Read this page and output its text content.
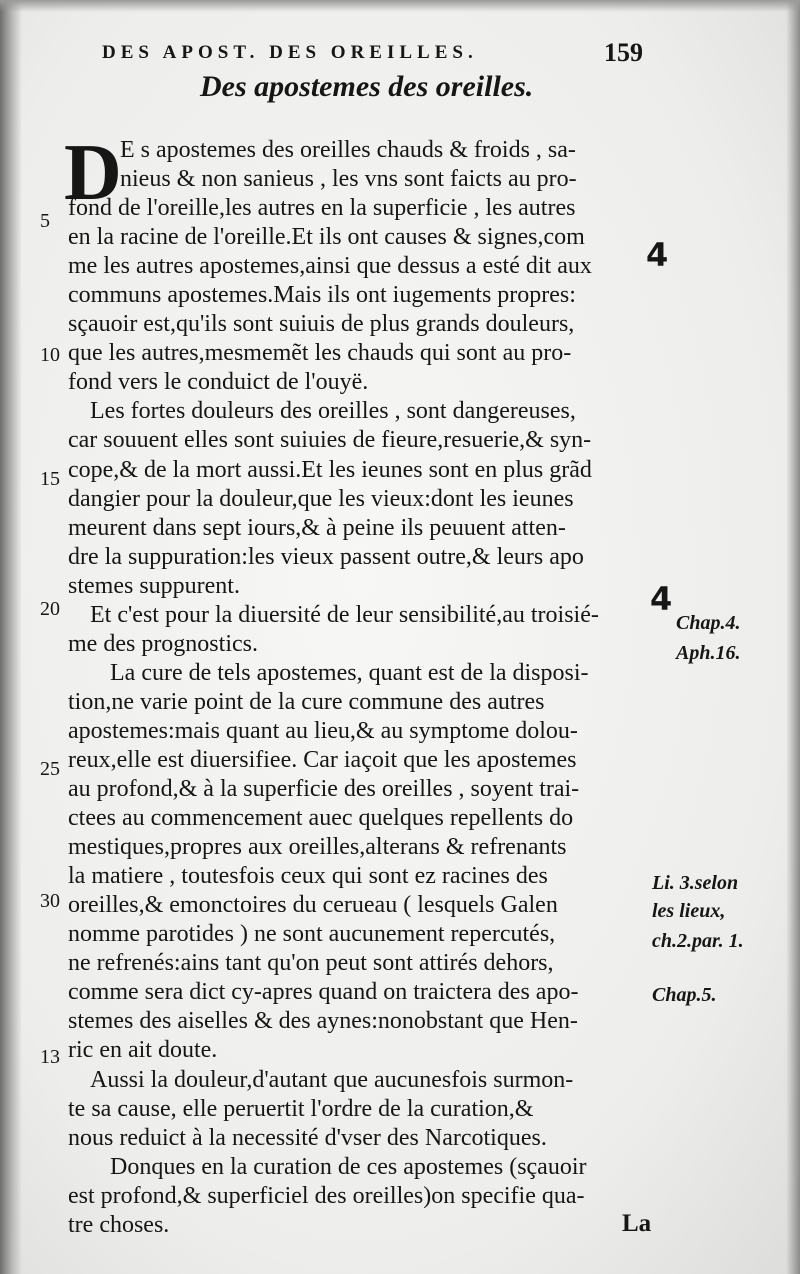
DES APOST. DES OREILLES.	159
Des apostemes des oreilles.
D
E s apostemes des oreilles chauds & froids , sa-
nieus & non sanieus , les vns sont faicts au pro-
fond de l'oreille,les autres en la superficie , les autres
en la racine de l'oreille.Et ils ont causes & signes,com
me les autres apostemes,ainsi que dessus a esté dit aux
communs apostemes.Mais ils ont iugements propres:
sçauoir est,qu'ils sont suiuis de plus grands douleurs,
que les autres,mesmemẽt les chauds qui sont au pro-
fond vers le conduict de l'ouyë.
Les fortes douleurs des oreilles , sont dangereuses,
car souuent elles sont suiuies de fieure,resuerie,& syn-
cope,& de la mort aussi.Et les ieunes sont en plus grãd
dangier pour la douleur,que les vieux:dont les ieunes
meurent dans sept iours,& à peine ils peuuent atten-
dre la suppuration:les vieux passent outre,& leurs apo
stemes suppurent.
Et c'est pour la diuersité de leur sensibilité,au troisié-
me des prognostics.
La cure de tels apostemes, quant est de la disposi-
tion,ne varie point de la cure commune des autres
apostemes:mais quant au lieu,& au symptome dolou-
reux,elle est diuersifiee. Car iaçoit que les apostemes
au profond,& à la superficie des oreilles , soyent trai-
ctees au commencement auec quelques repellents do
mestiques,propres aux oreilles,alterans & refrenants
la matiere , toutesfois ceux qui sont ez racines des
oreilles,& emonctoires du cerueau ( lesquels Galen
nomme parotides ) ne sont aucunement repercutés,
ne refrenés:ains tant qu'on peut sont attirés dehors,
comme sera dict cy-apres quand on traictera des apo-
stemes des aiselles & des aynes:nonobstant que Hen-
ric en ait doute.
Aussi la douleur,d'autant que aucunesfois surmon-
te sa cause, elle peruertit l'ordre de la curation,&
nous reduict à la necessité d'vser des Narcotiques.
Donques en la curation de ces apostemes (sçauoir
est profond,& superficiel des oreilles)on specifie qua-
tre choses.
5
10
15
20
25
30
13
4
4
Chap.4.
Aph.16.
Li. 3.selon
les lieux,
ch.2.par. 1.
Chap.5.
La
